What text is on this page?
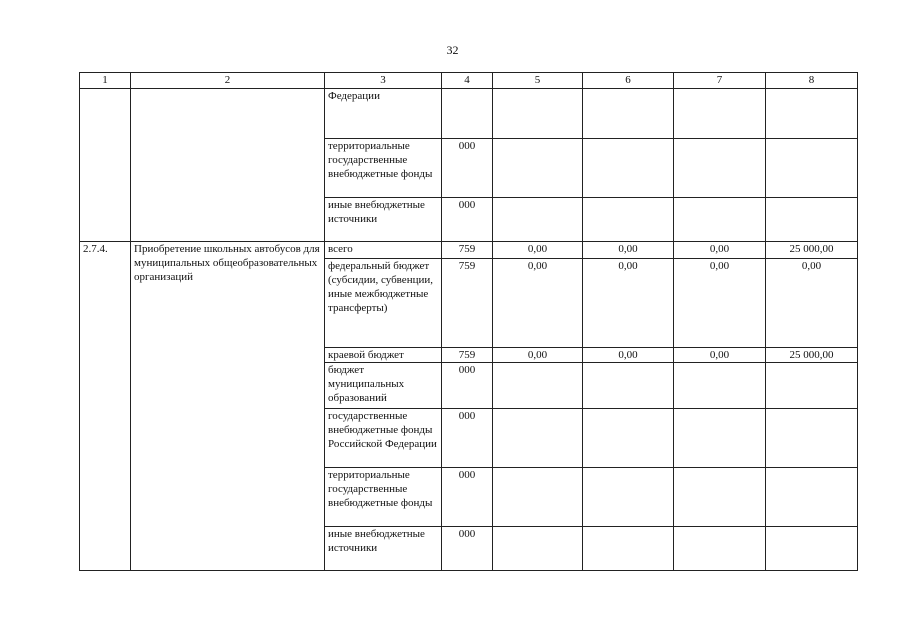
32
1	2	3	4	5	6	7	8
		Федерации					
		территориальные государственные внебюджетные фонды	000				
		иные внебюджетные источники	000				
2.7.4.	Приобретение школьных автобусов для муниципальных общеобразовательных организаций	всего	759	0,00	0,00	0,00	25 000,00
		федеральный бюджет (субсидии, субвенции, иные межбюджетные трансферты)	759	0,00	0,00	0,00	0,00
		краевой бюджет	759	0,00	0,00	0,00	25 000,00
		бюджет муниципальных образований	000				
		государственные внебюджетные фонды Российской Федерации	000				
		территориальные государственные внебюджетные фонды	000				
		иные внебюджетные источники	000				
